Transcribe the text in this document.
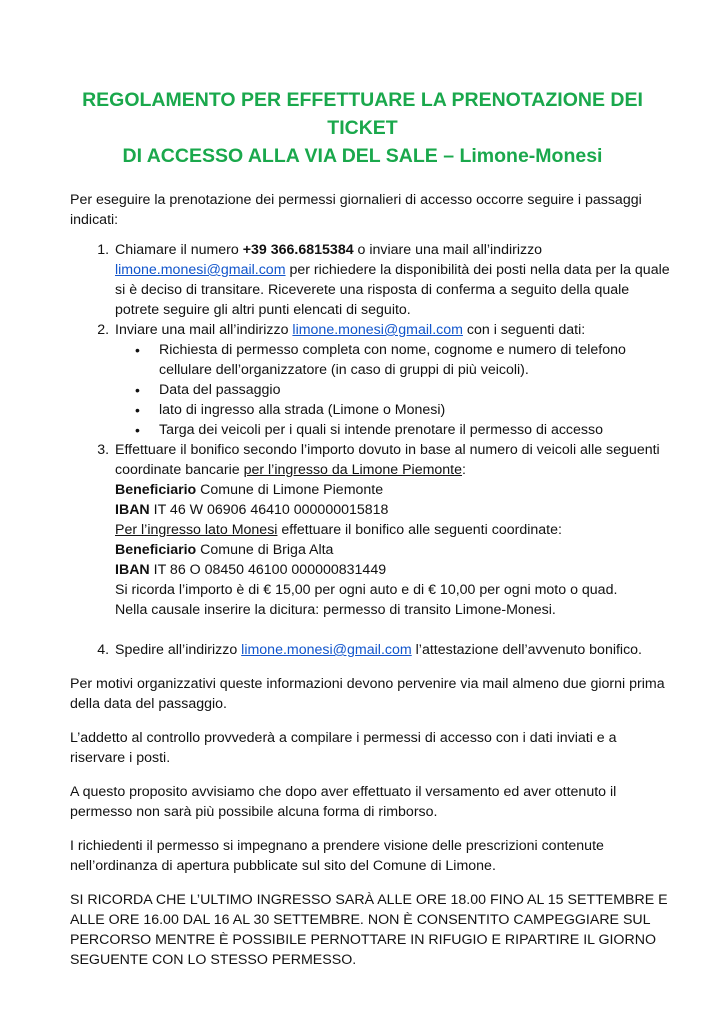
REGOLAMENTO PER EFFETTUARE LA PRENOTAZIONE DEI TICKET
DI ACCESSO ALLA VIA DEL SALE – Limone-Monesi

Per eseguire la prenotazione dei permessi giornalieri di accesso occorre seguire i passaggi indicati:

1. Chiamare il numero +39 366.6815384 o inviare una mail all’indirizzo limone.monesi@gmail.com per richiedere la disponibilità dei posti nella data per la quale si è deciso di transitare. Riceverete una risposta di conferma a seguito della quale potrete seguire gli altri punti elencati di seguito.
2. Inviare una mail all’indirizzo limone.monesi@gmail.com con i seguenti dati:
• Richiesta di permesso completa con nome, cognome e numero di telefono cellulare dell’organizzatore (in caso di gruppi di più veicoli).
• Data del passaggio
• lato di ingresso alla strada (Limone o Monesi)
• Targa dei veicoli per i quali si intende prenotare il permesso di accesso
3. Effettuare il bonifico secondo l’importo dovuto in base al numero di veicoli alle seguenti coordinate bancarie per l’ingresso da Limone Piemonte:
Beneficiario Comune di Limone Piemonte
IBAN IT 46 W 06906 46410 000000015818
Per l’ingresso lato Monesi effettuare il bonifico alle seguenti coordinate:
Beneficiario Comune di Briga Alta
IBAN IT 86 O 08450 46100 000000831449
Si ricorda l’importo è di € 15,00 per ogni auto e di € 10,00 per ogni moto o quad.
Nella causale inserire la dicitura: permesso di transito Limone-Monesi.
4. Spedire all’indirizzo limone.monesi@gmail.com l’attestazione dell’avvenuto bonifico.

Per motivi organizzativi queste informazioni devono pervenire via mail almeno due giorni prima della data del passaggio.

L’addetto al controllo provvederà a compilare i permessi di accesso con i dati inviati e a riservare i posti.

A questo proposito avvisiamo che dopo aver effettuato il versamento ed aver ottenuto il permesso non sarà più possibile alcuna forma di rimborso.

I richiedenti il permesso si impegnano a prendere visione delle prescrizioni contenute nell’ordinanza di apertura pubblicate sul sito del Comune di Limone.

SI RICORDA CHE L’ULTIMO INGRESSO SARÀ ALLE ORE 18.00 FINO AL 15 SETTEMBRE E ALLE ORE 16.00 DAL 16 AL 30 SETTEMBRE. NON È CONSENTITO CAMPEGGIARE SUL PERCORSO MENTRE È POSSIBILE PERNOTTARE IN RIFUGIO E RIPARTIRE IL GIORNO SEGUENTE CON LO STESSO PERMESSO.
